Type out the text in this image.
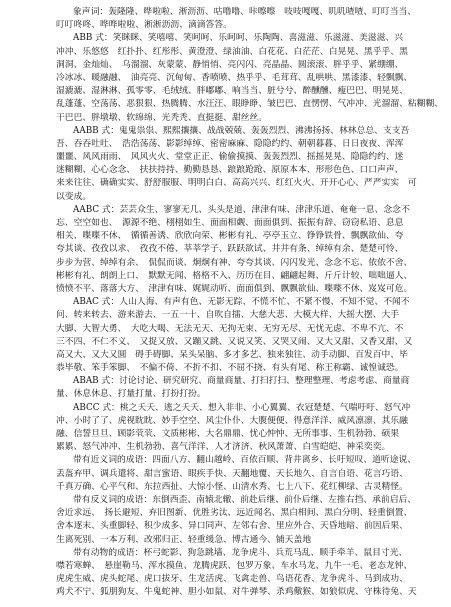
象声词：轰隆隆、哗啦啦、淅沥沥、咕噜噜、咔嚓嚓　吱吱嘎嘎、叽叽喳喳、叮叮当当、
叮叮咚咚、哗哗啦啦、淅淅沥沥、滴滴答答。
ABB 式：笑眯眯、笑嘻嘻、笑呵呵、乐呵呵、乐陶陶、喜滋滋、乐滋滋、美滋滋、兴
冲冲、乐悠悠　红扑扑、红彤彤、黄澄澄、绿油油、白花花、白茫茫、白晃晃、黑乎乎、黑
洞洞、金灿灿、　乌溜溜、灰蒙蒙、静悄悄、亮闪闪、亮晶晶、圆滚滚、胖乎乎、紧绷绷、
冷冰冰、暖融融、　油亮亮、沉甸甸、香喷喷、热乎乎、毛茸茸、乱哄哄、黑漆漆、轻飘飘、
湿漉漉、湿淋淋、孤零零、毛绒绒、胖嘟嘟、响当当、脏兮兮、醉醺醺、瘦巴巴、明晃晃、
乱蓬蓬、空荡荡、恶狠狠、热腾腾、水汪汪、眼睁睁、皱巴巴、直愣愣、气冲冲、光溜溜、粘糊糊、
干巴巴、胖墩墩、软绵绵、光秃秃、直挺挺、甜丝丝。
AABB 式：鬼鬼祟祟、熙熙攘攘、战战兢兢、轰轰烈烈、沸沸扬扬、林林总总、支支吾
吾、吞吞吐吐、　浩浩荡荡、影影绰绰、密密麻麻、隐隐约约、朝朝暮暮、日日夜夜、浑浑
噩噩、风风雨雨、　风风火火、堂堂正正、偷偷摸摸、轰轰烈烈、摇摇晃晃、隐隐约约、迷
迷糊糊、心心念念、　扶扶持持、勤勤恳恳、踉踉跄跄、原原本本、形形色色、口口声声、
来来往往、确确实实、舒舒服服、明明白白、高高兴兴、红红火火、开开心心、严严实实　可
以变成。
AABC 式：芸芸众生、寥寥无几、头头是道、津津有味、津津乐道、奄奄一息、念念不
忘、空空如也、　源源不绝、栩栩如生、面面相觑、面面俱到、振振有辞、窃窃私语、息息
相关、喋喋不休、　循循善诱、欣欣向荣、彬彬有礼、亭亭玉立、铮铮铁骨、飘飘欲仙、夸
夸其谈、孜孜以求、　孜孜不倦、莘莘学子、跃跃欲试、井井有条、绰绰有余、楚楚可怜、
步步为营、绰绰有余、　侃侃而谈、炯炯有神、夸夸其谈、闪闪发光、念念不忘、依依不舍、
彬彬有礼、朗朗上口、　默默无闻、格格不入、历历在目、翩翩起舞、斤斤计较、咄咄逼人、
愤愤不平、落落大方、　津津有味、娓娓动听、面面俱到、飘飘欲仙、喋喋不休、岌岌可危。
ABAC 式：人山人海、有声有色、无影无踪、不慌不忙、不紧不慢、不知不觉、不闻不
问、转来转去、游来游去、一五一十、自吹自擂、大慈大悲、大模大样、大摇大摆、大手
大脚、大智大勇、　大吃大喝、无法无天、无拘无束、无穷无尽、无忧无虑、不卑不亢、不
三不四、不仁不义、　又捉又放、又蹦又跳、又说又笑、又哭又闹、又大又甜、又香又甜、又
高又大、又大又圆　碍手碍脚、呆头呆脑、多才多艺、独来独往、动手动脚、百发百中、毕
恭毕敬、笨手笨脚、　不偏不倚、不折不扣、不屈不挠、有头有尾、称王称霸、诚惶诚恐。
ABAB 式：讨论讨论、研究研究、商量商量、打扫打扫、整理整理、考虑考虑、商量商
量、休息休息、打量打量、打扮打扮。
ABCC 式：桃之夭夭、逃之夭夭、想入非非、小心翼翼、衣冠楚楚、气喘吁吁、怒气冲
冲、小时了了、虎视眈眈、妙手空空、风尘仆仆、大腹便便、得意洋洋、威风凛凛、其乐融
融、信誓旦旦、顾影茕茕、文质彬彬、大名鼎鼎、忧心忡忡、无所事事、生机勃勃、硕果
累累、怒气冲冲、生机勃勃、喜气洋洋、人才济济、秋风萧萧、白雪皑皑、神采奕奕。
带有近义词的成语：四面八方、翻山越岭、百依百顺、背井离乡、长吁短叹、道听途说、
丢盔弃甲、调兵遣将、甜言蜜语、眼疾手快、天翻地覆、天长地久、自言自语、花言巧语、
千真万确、心平气和、东拉西扯、大惊小怪、山清水秀、七上八下、花红柳绿、古灵精怪。
带有反义词的成语：东倒西歪、南辕北辙、前赴后继、前仆后继、左推右挡、承前启后、
舍近求远、　扬长避短、弃旧图新、优胜劣汰、远近闻名、黑白相间、黑白分明、轻重倒置、
舍本逐末、头重脚轻、积少成多、异口同声、左邻右舍、里应外合、天昏地暗、前因后果、
生离死别、一本万利、改邪归正、轻重缓急、博古通今、铺天盖地
带有动物的成语：杯弓蛇影、狗急跳墙、龙争虎斗、兵荒马乱、顺手牵羊、鼠目寸光、
噤若寒蝉、　悬崖勒马、浑水摸鱼、龙腾虎跃、包罗万象、车水马龙、九牛一毛、老态龙钟、
虎虎生威、虎头蛇尾、虎口拔牙、生龙活虎、飞禽走兽、鸟语花香、龙争虎斗、马到成功、
鸡犬不宁、狐朋狗友、牛鬼蛇神、胆小如鼠、对牛弹琴、杀鸡儆猴、如狼似虎、守株待兔、天
